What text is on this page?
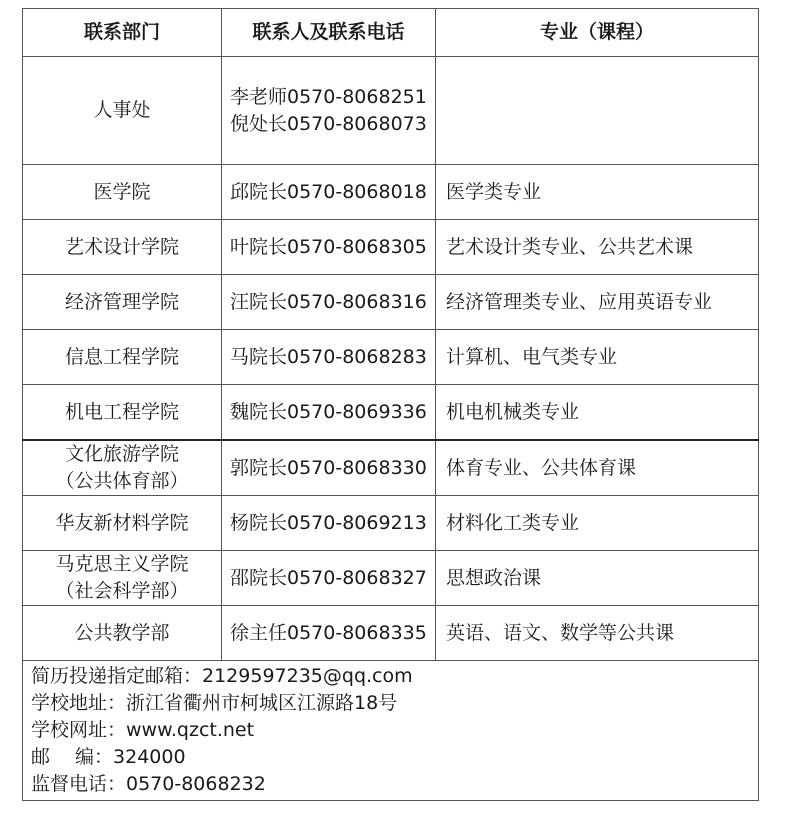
联系部门	联系人及联系电话	专业（课程）

人事处	李老师0570-8068251
倪处长0570-8068073	

医学院	邱院长0570-8068018	医学类专业

艺术设计学院	叶院长0570-8068305	艺术设计类专业、公共艺术课

经济管理学院	汪院长0570-8068316	经济管理类专业、应用英语专业

信息工程学院	马院长0570-8068283	计算机、电气类专业

机电工程学院	魏院长0570-8069336	机电机械类专业

文化旅游学院
（公共体育部）	郭院长0570-8068330	体育专业、公共体育课

华友新材料学院	杨院长0570-8069213	材料化工类专业

马克思主义学院
（社会科学部）	邵院长0570-8068327	思想政治课

公共教学部	徐主任0570-8068335	英语、语文、数学等公共课

简历投递指定邮箱：2129597235@qq.com
学校地址：浙江省衢州市柯城区江源路18号
学校网址：www.qzct.net
邮　 编：324000
监督电话：0570-8068232		
